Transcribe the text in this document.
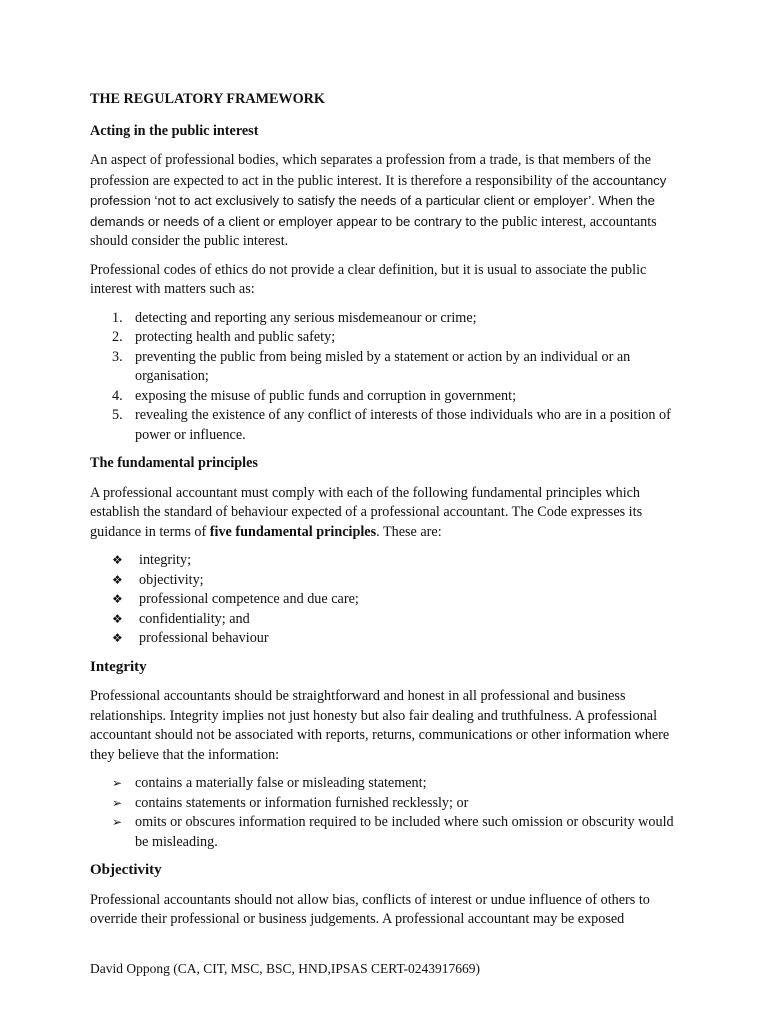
THE REGULATORY FRAMEWORK
Acting in the public interest

An aspect of professional bodies, which separates a profession from a trade, is that members of the profession are expected to act in the public interest. It is therefore a responsibility of the accountancy profession ‘not to act exclusively to satisfy the needs of a particular client or employer’. When the demands or needs of a client or employer appear to be contrary to the public interest, accountants should consider the public interest.

Professional codes of ethics do not provide a clear definition, but it is usual to associate the public interest with matters such as:

1. detecting and reporting any serious misdemeanour or crime;
2. protecting health and public safety;
3. preventing the public from being misled by a statement or action by an individual or an organisation;
4. exposing the misuse of public funds and corruption in government;
5. revealing the existence of any conflict of interests of those individuals who are in a position of power or influence.
The fundamental principles

A professional accountant must comply with each of the following fundamental principles which establish the standard of behaviour expected of a professional accountant. The Code expresses its guidance in terms of five fundamental principles. These are:

❖ integrity;
❖ objectivity;
❖ professional competence and due care;
❖ confidentiality; and
❖ professional behaviour
Integrity

Professional accountants should be straightforward and honest in all professional and business relationships. Integrity implies not just honesty but also fair dealing and truthfulness. A professional accountant should not be associated with reports, returns, communications or other information where they believe that the information:

➢ contains a materially false or misleading statement;
➢ contains statements or information furnished recklessly; or
➢ omits or obscures information required to be included where such omission or obscurity would be misleading.
Objectivity

Professional accountants should not allow bias, conflicts of interest or undue influence of others to override their professional or business judgements. A professional accountant may be exposed

David Oppong (CA, CIT, MSC, BSC, HND,IPSAS CERT-0243917669)
